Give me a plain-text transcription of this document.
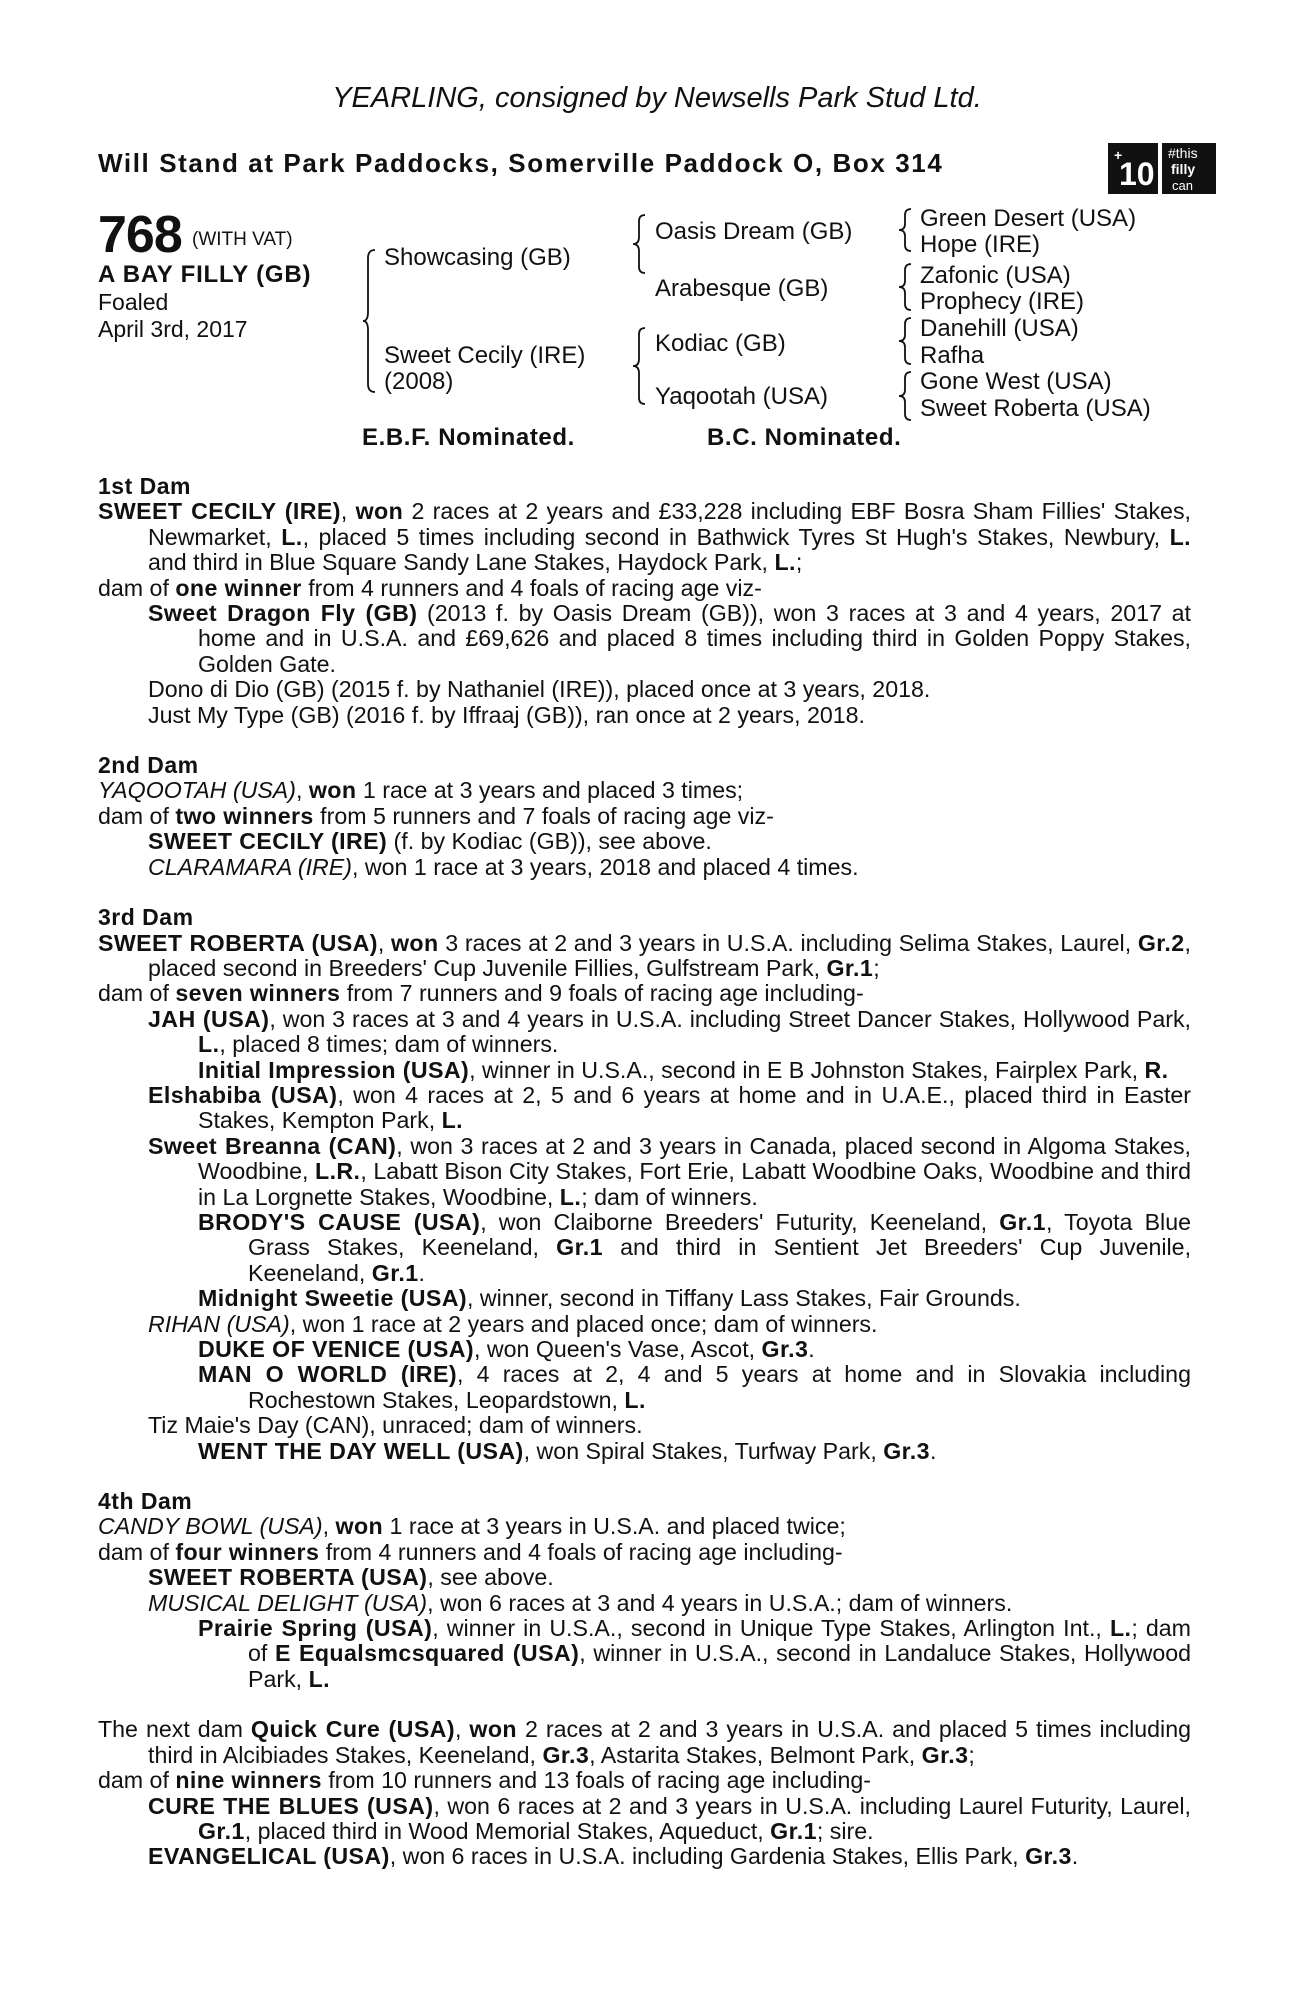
YEARLING, consigned by Newsells Park Stud Ltd.
Will Stand at Park Paddocks, Somerville Paddock O, Box 314	+
10
#this
filly
can
768 (WITH VAT)
A BAY FILLY (GB)
Foaled
April 3rd, 2017
Showcasing (GB)
Sweet Cecily (IRE)
(2008)
Oasis Dream (GB)
Arabesque (GB)
Kodiac (GB)
Yaqootah (USA)
Green Desert (USA)
Hope (IRE)
Zafonic (USA)
Prophecy (IRE)
Danehill (USA)
Rafha
Gone West (USA)
Sweet Roberta (USA)
E.B.F. Nominated.	B.C. Nominated.

1st Dam

SWEET CECILY (IRE), won 2 races at 2 years and £33,228 including EBF Bosra Sham Fillies' Stakes, Newmarket, L., placed 5 times including second in Bathwick Tyres St Hugh's Stakes, Newbury, L. and third in Blue Square Sandy Lane Stakes, Haydock Park, L.;

dam of one winner from 4 runners and 4 foals of racing age viz-

Sweet Dragon Fly (GB) (2013 f. by Oasis Dream (GB)), won 3 races at 3 and 4 years, 2017 at home and in U.S.A. and £69,626 and placed 8 times including third in Golden Poppy Stakes, Golden Gate.

Dono di Dio (GB) (2015 f. by Nathaniel (IRE)), placed once at 3 years, 2018.

Just My Type (GB) (2016 f. by Iffraaj (GB)), ran once at 2 years, 2018.

2nd Dam

YAQOOTAH (USA), won 1 race at 3 years and placed 3 times;

dam of two winners from 5 runners and 7 foals of racing age viz-

SWEET CECILY (IRE) (f. by Kodiac (GB)), see above.

CLARAMARA (IRE), won 1 race at 3 years, 2018 and placed 4 times.

3rd Dam

SWEET ROBERTA (USA), won 3 races at 2 and 3 years in U.S.A. including Selima Stakes, Laurel, Gr.2, placed second in Breeders' Cup Juvenile Fillies, Gulfstream Park, Gr.1;

dam of seven winners from 7 runners and 9 foals of racing age including-

JAH (USA), won 3 races at 3 and 4 years in U.S.A. including Street Dancer Stakes, Hollywood Park, L., placed 8 times; dam of winners.

Initial Impression (USA), winner in U.S.A., second in E B Johnston Stakes, Fairplex Park, R.

Elshabiba (USA), won 4 races at 2, 5 and 6 years at home and in U.A.E., placed third in Easter Stakes, Kempton Park, L.

Sweet Breanna (CAN), won 3 races at 2 and 3 years in Canada, placed second in Algoma Stakes, Woodbine, L.R., Labatt Bison City Stakes, Fort Erie, Labatt Woodbine Oaks, Woodbine and third in La Lorgnette Stakes, Woodbine, L.; dam of winners.

BRODY'S CAUSE (USA), won Claiborne Breeders' Futurity, Keeneland, Gr.1, Toyota Blue Grass Stakes, Keeneland, Gr.1 and third in Sentient Jet Breeders' Cup Juvenile, Keeneland, Gr.1.

Midnight Sweetie (USA), winner, second in Tiffany Lass Stakes, Fair Grounds.

RIHAN (USA), won 1 race at 2 years and placed once; dam of winners.

DUKE OF VENICE (USA), won Queen's Vase, Ascot, Gr.3.

MAN O WORLD (IRE), 4 races at 2, 4 and 5 years at home and in Slovakia including Rochestown Stakes, Leopardstown, L.

Tiz Maie's Day (CAN), unraced; dam of winners.

WENT THE DAY WELL (USA), won Spiral Stakes, Turfway Park, Gr.3.

4th Dam

CANDY BOWL (USA), won 1 race at 3 years in U.S.A. and placed twice;

dam of four winners from 4 runners and 4 foals of racing age including-

SWEET ROBERTA (USA), see above.

MUSICAL DELIGHT (USA), won 6 races at 3 and 4 years in U.S.A.; dam of winners.

Prairie Spring (USA), winner in U.S.A., second in Unique Type Stakes, Arlington Int., L.; dam of E Equalsmcsquared (USA), winner in U.S.A., second in Landaluce Stakes, Hollywood Park, L.

The next dam Quick Cure (USA), won 2 races at 2 and 3 years in U.S.A. and placed 5 times including third in Alcibiades Stakes, Keeneland, Gr.3, Astarita Stakes, Belmont Park, Gr.3;

dam of nine winners from 10 runners and 13 foals of racing age including-

CURE THE BLUES (USA), won 6 races at 2 and 3 years in U.S.A. including Laurel Futurity, Laurel, Gr.1, placed third in Wood Memorial Stakes, Aqueduct, Gr.1; sire.

EVANGELICAL (USA), won 6 races in U.S.A. including Gardenia Stakes, Ellis Park, Gr.3.
